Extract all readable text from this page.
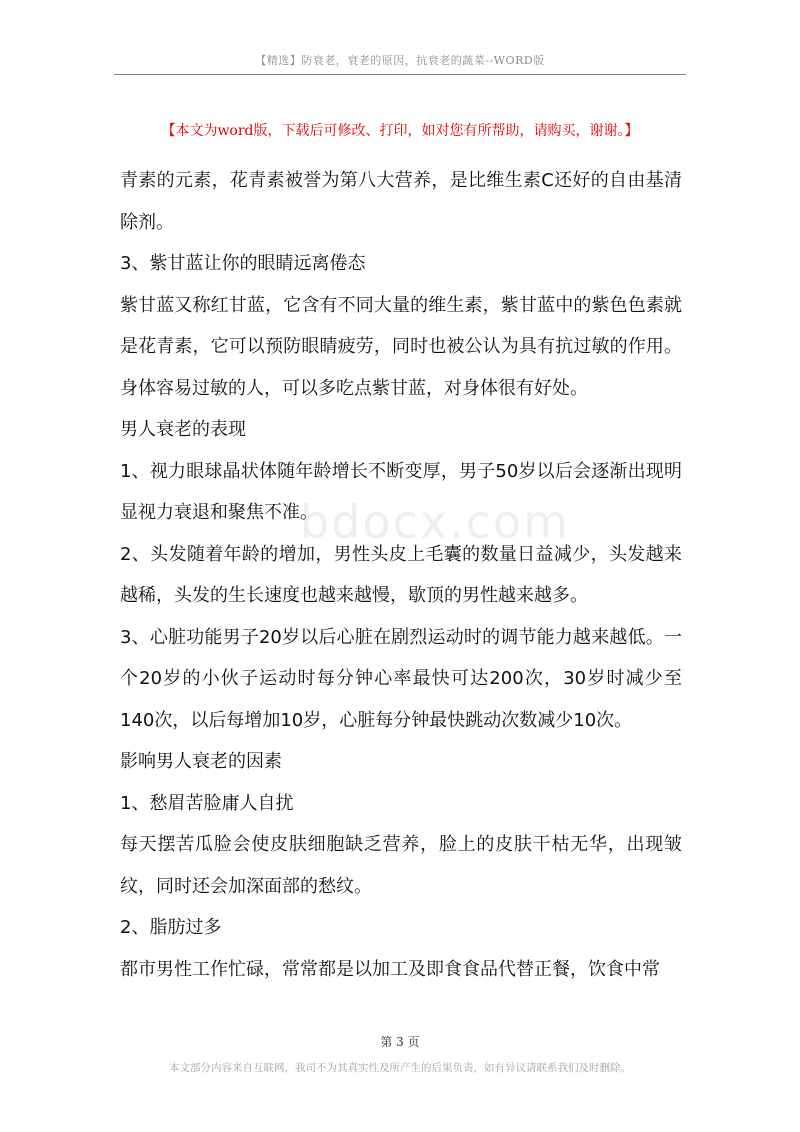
【精选】防衰老，衰老的原因，抗衰老的蔬菜--WORD版
【本文为word版，下载后可修改、打印，如对您有所帮助，请购买，谢谢。】
bdocx.com

青素的元素，花青素被誉为第八大营养，是比维生素C还好的自由基清除剂。

3、紫甘蓝让你的眼睛远离倦态

紫甘蓝又称红甘蓝，它含有不同大量的维生素，紫甘蓝中的紫色色素就是花青素，它可以预防眼睛疲劳，同时也被公认为具有抗过敏的作用。身体容易过敏的人，可以多吃点紫甘蓝，对身体很有好处。

男人衰老的表现

1、视力眼球晶状体随年龄增长不断变厚，男子50岁以后会逐渐出现明显视力衰退和聚焦不准。

2、头发随着年龄的增加，男性头皮上毛囊的数量日益减少，头发越来越稀，头发的生长速度也越来越慢，歇顶的男性越来越多。

3、心脏功能男子20岁以后心脏在剧烈运动时的调节能力越来越低。一个20岁的小伙子运动时每分钟心率最快可达200次，30岁时减少至140次，以后每增加10岁，心脏每分钟最快跳动次数减少10次。

影响男人衰老的因素

1、愁眉苦脸庸人自扰

每天摆苦瓜脸会使皮肤细胞缺乏营养，脸上的皮肤干枯无华，出现皱纹，同时还会加深面部的愁纹。

2、脂肪过多

都市男性工作忙碌，常常都是以加工及即食食品代替正餐，饮食中常

第 3 页
本文部分内容来自互联网，我司不为其真实性及所产生的后果负责，如有异议请联系我们及时删除。
